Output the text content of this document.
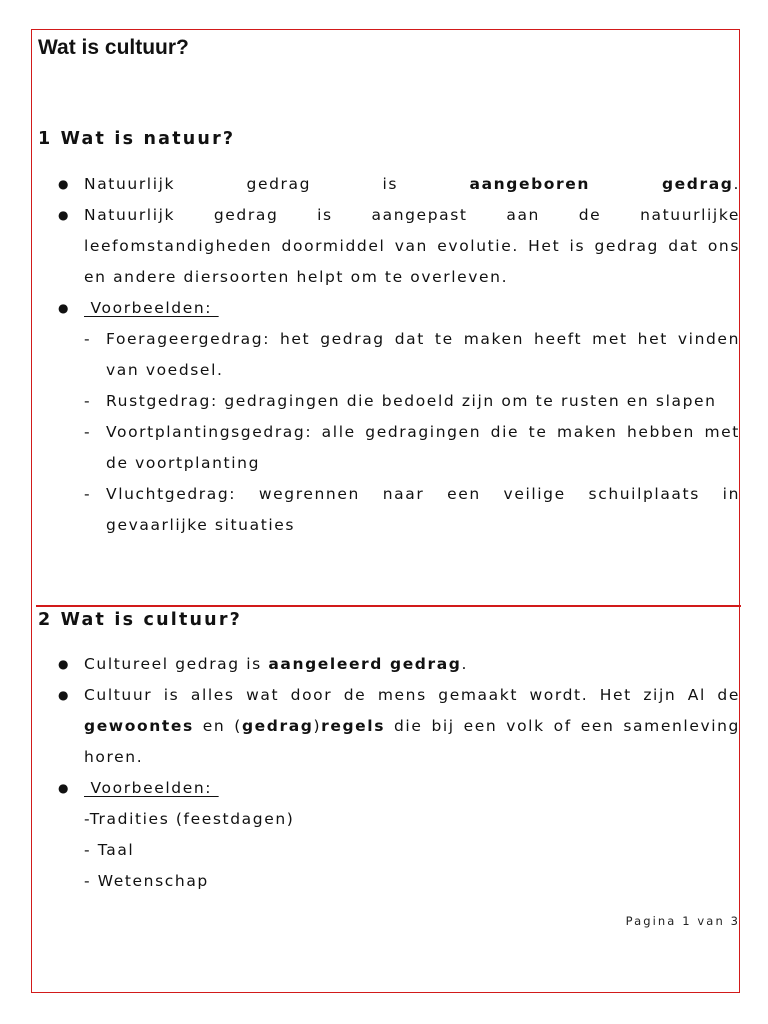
Wat is cultuur?
1 Wat is natuur?
● Natuurlijk gedrag is aangeboren gedrag.
● Natuurlijk gedrag is aangepast aan de natuurlijke leefomstandigheden doormiddel van evolutie. Het is gedrag dat ons en andere diersoorten helpt om te overleven.
● Voorbeelden:
- Foerageergedrag: het gedrag dat te maken heeft met het vinden van voedsel.
- Rustgedrag: gedragingen die bedoeld zijn om te rusten en slapen
- Voortplantingsgedrag: alle gedragingen die te maken hebben met de voortplanting
- Vluchtgedrag: wegrennen naar een veilige schuilplaats in gevaarlijke situaties
2 Wat is cultuur?
● Cultureel gedrag is aangeleerd gedrag.
● Cultuur is alles wat door de mens gemaakt wordt. Het zijn Al de gewoontes en (gedrag)regels die bij een volk of een samenleving horen.
● Voorbeelden:
-Tradities (feestdagen)
- Taal
- Wetenschap
Pagina 1 van 3
